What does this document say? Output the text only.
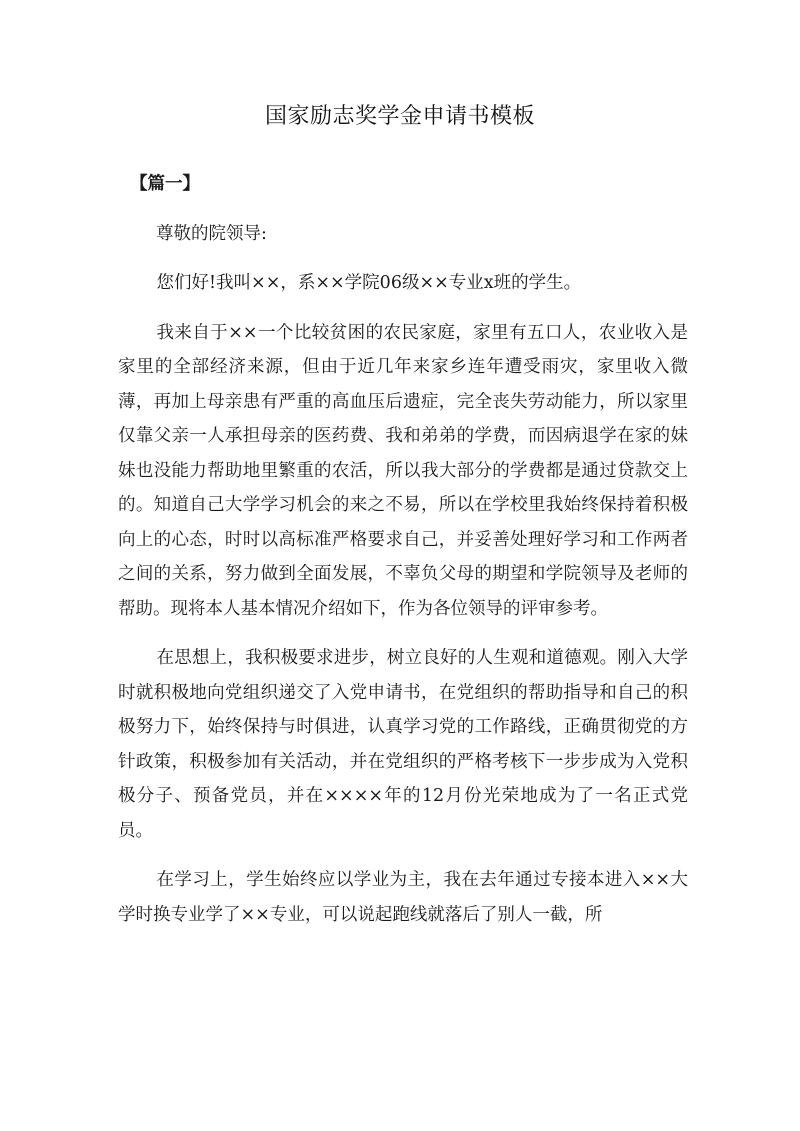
国家励志奖学金申请书模板

【篇一】

尊敬的院领导:

您们好!我叫××，系××学院06级××专业x班的学生。

我来自于××一个比较贫困的农民家庭，家里有五口人，农业收入是家里的全部经济来源，但由于近几年来家乡连年遭受雨灾，家里收入微薄，再加上母亲患有严重的高血压后遗症，完全丧失劳动能力，所以家里仅靠父亲一人承担母亲的医药费、我和弟弟的学费，而因病退学在家的妹妹也没能力帮助地里繁重的农活，所以我大部分的学费都是通过贷款交上的。知道自己大学学习机会的来之不易，所以在学校里我始终保持着积极向上的心态，时时以高标准严格要求自己，并妥善处理好学习和工作两者之间的关系，努力做到全面发展，不辜负父母的期望和学院领导及老师的帮助。现将本人基本情况介绍如下，作为各位领导的评审参考。

在思想上，我积极要求进步，树立良好的人生观和道德观。刚入大学时就积极地向党组织递交了入党申请书，在党组织的帮助指导和自己的积极努力下，始终保持与时俱进，认真学习党的工作路线，正确贯彻党的方针政策，积极参加有关活动，并在党组织的严格考核下一步步成为入党积极分子、预备党员，并在××××年的12月份光荣地成为了一名正式党员。

在学习上，学生始终应以学业为主，我在去年通过专接本进入××大学时换专业学了××专业，可以说起跑线就落后了别人一截，所
